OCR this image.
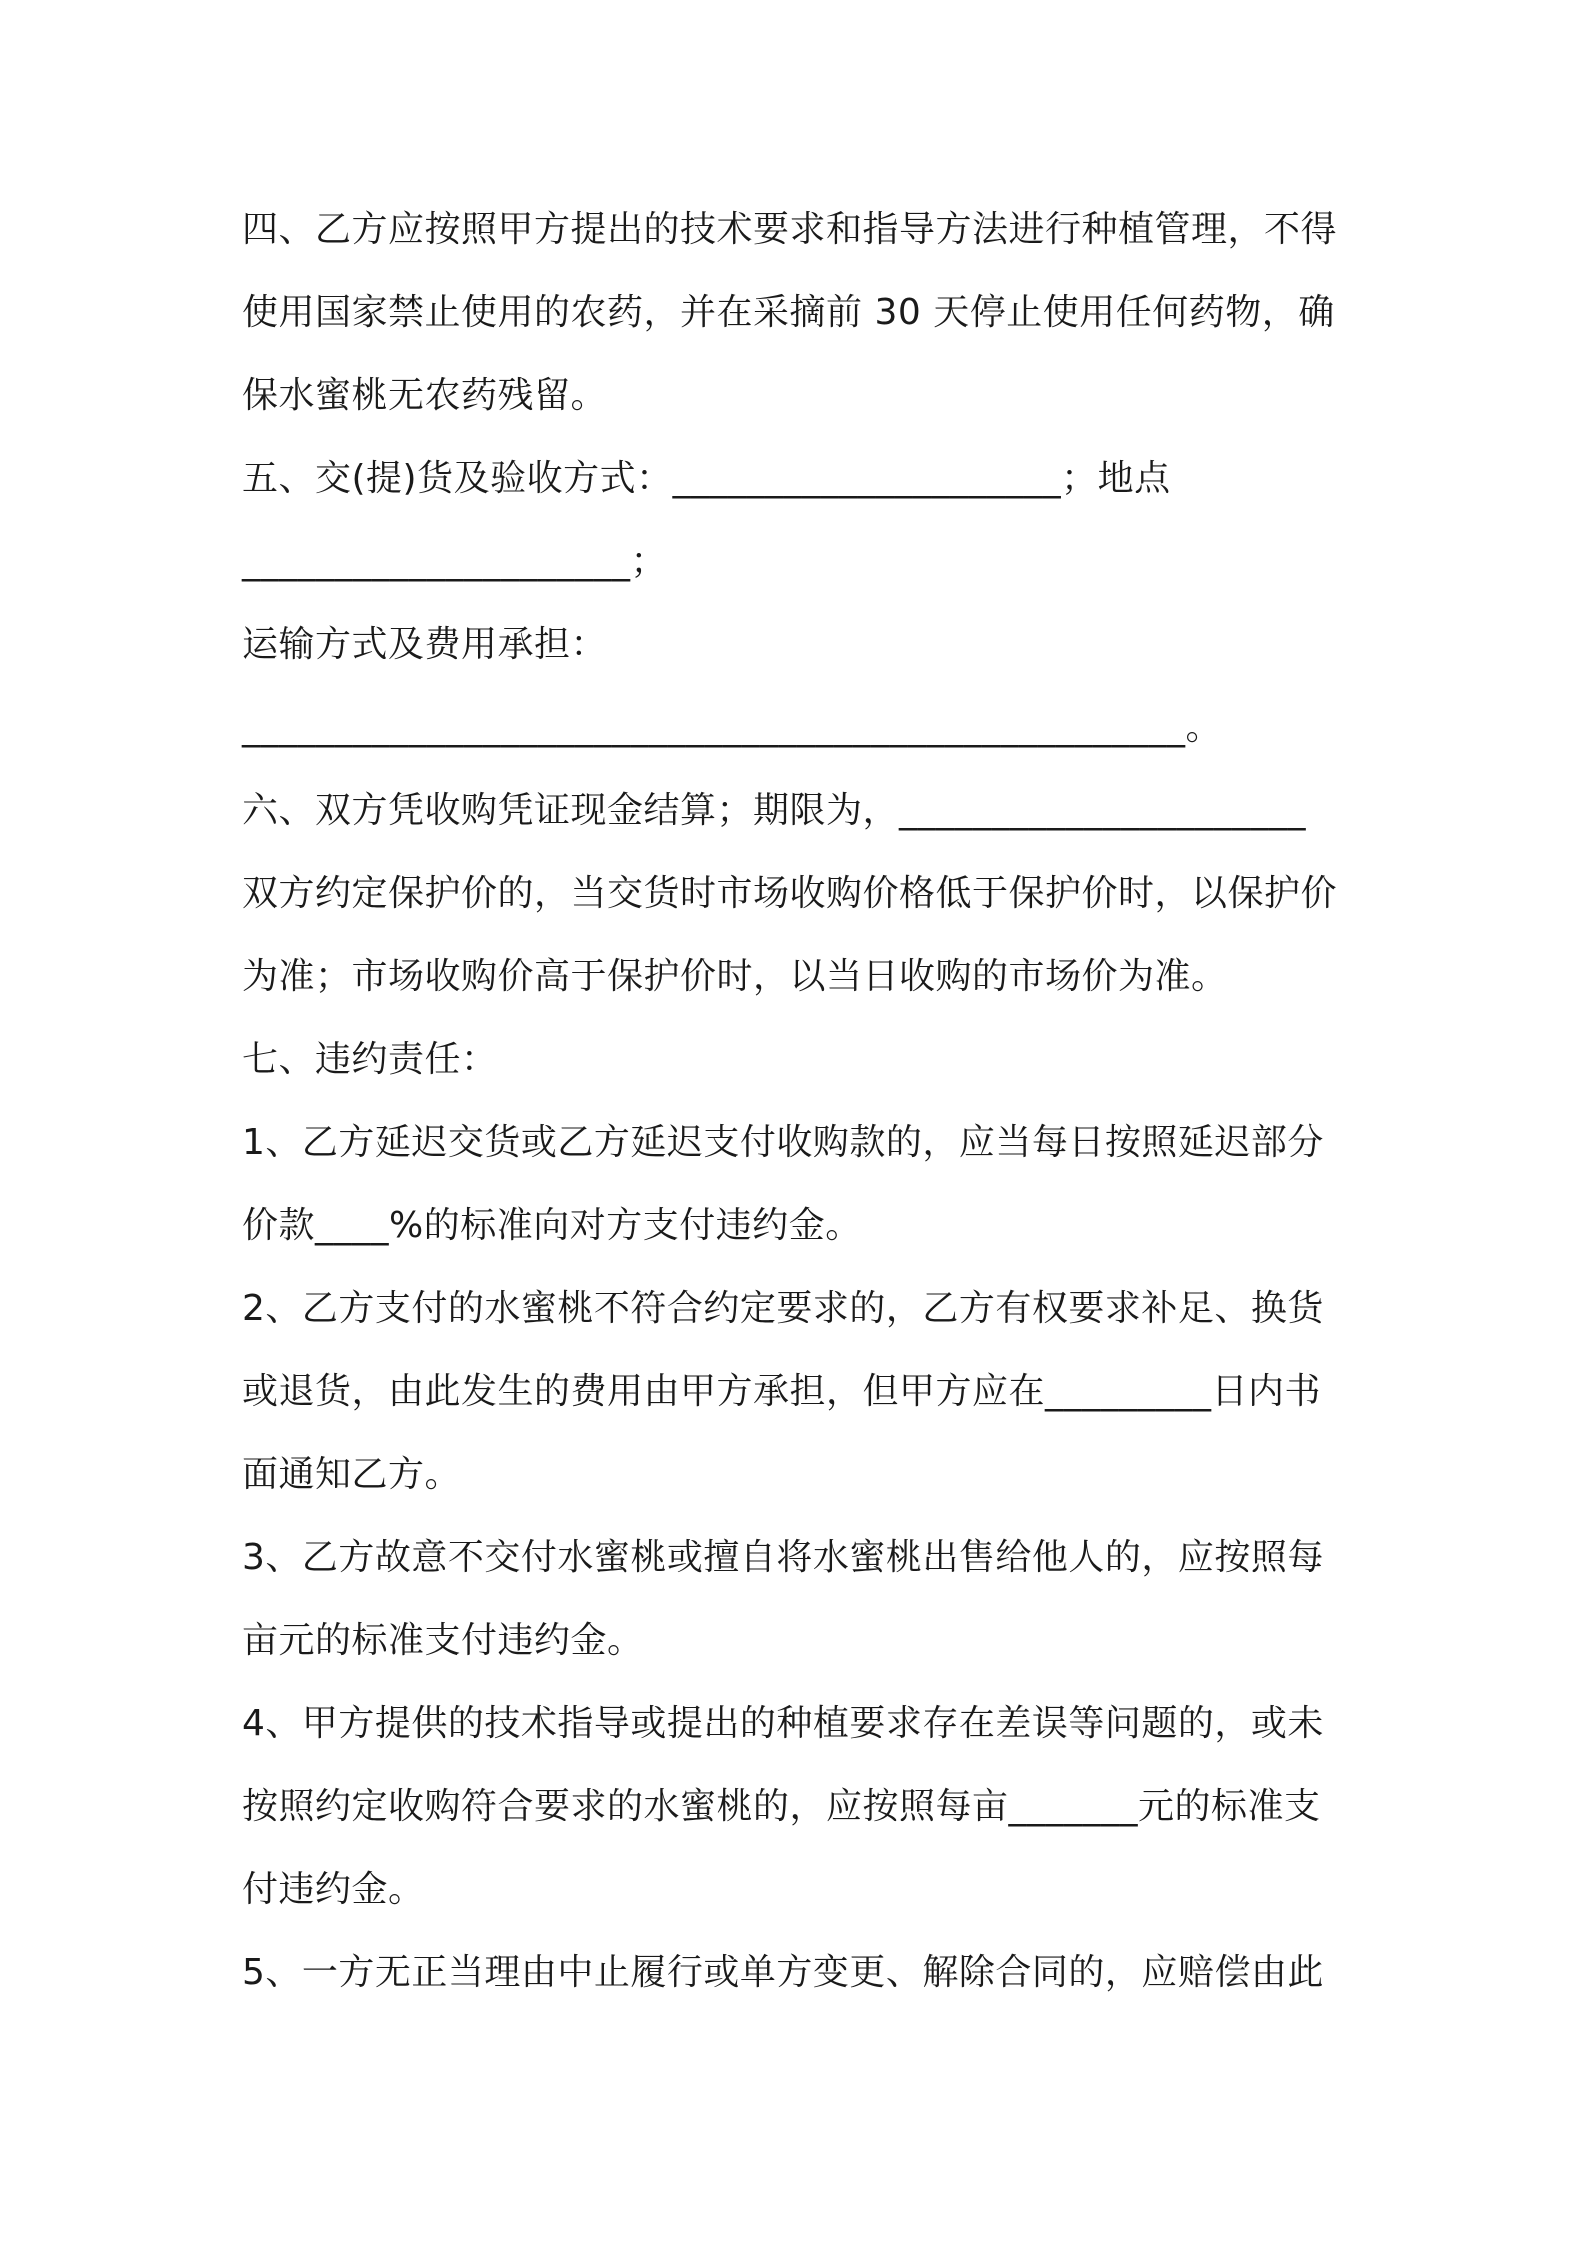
四、乙方应按照甲方提出的技术要求和指导方法进行种植管理，不得
使用国家禁止使用的农药，并在采摘前 30 天停止使用任何药物，确
保水蜜桃无农药残留。
五、交(提)货及验收方式：_____________________；地点
_____________________；
运输方式及费用承担：
___________________________________________________。
六、双方凭收购凭证现金结算；期限为，______________________
双方约定保护价的，当交货时市场收购价格低于保护价时，以保护价
为准；市场收购价高于保护价时，以当日收购的市场价为准。
七、违约责任：
1、乙方延迟交货或乙方延迟支付收购款的，应当每日按照延迟部分
价款____%的标准向对方支付违约金。
2、乙方支付的水蜜桃不符合约定要求的，乙方有权要求补足、换货
或退货，由此发生的费用由甲方承担，但甲方应在_________日内书
面通知乙方。
3、乙方故意不交付水蜜桃或擅自将水蜜桃出售给他人的，应按照每
亩元的标准支付违约金。
4、甲方提供的技术指导或提出的种植要求存在差误等问题的，或未
按照约定收购符合要求的水蜜桃的，应按照每亩_______元的标准支
付违约金。
5、一方无正当理由中止履行或单方变更、解除合同的，应赔偿由此
